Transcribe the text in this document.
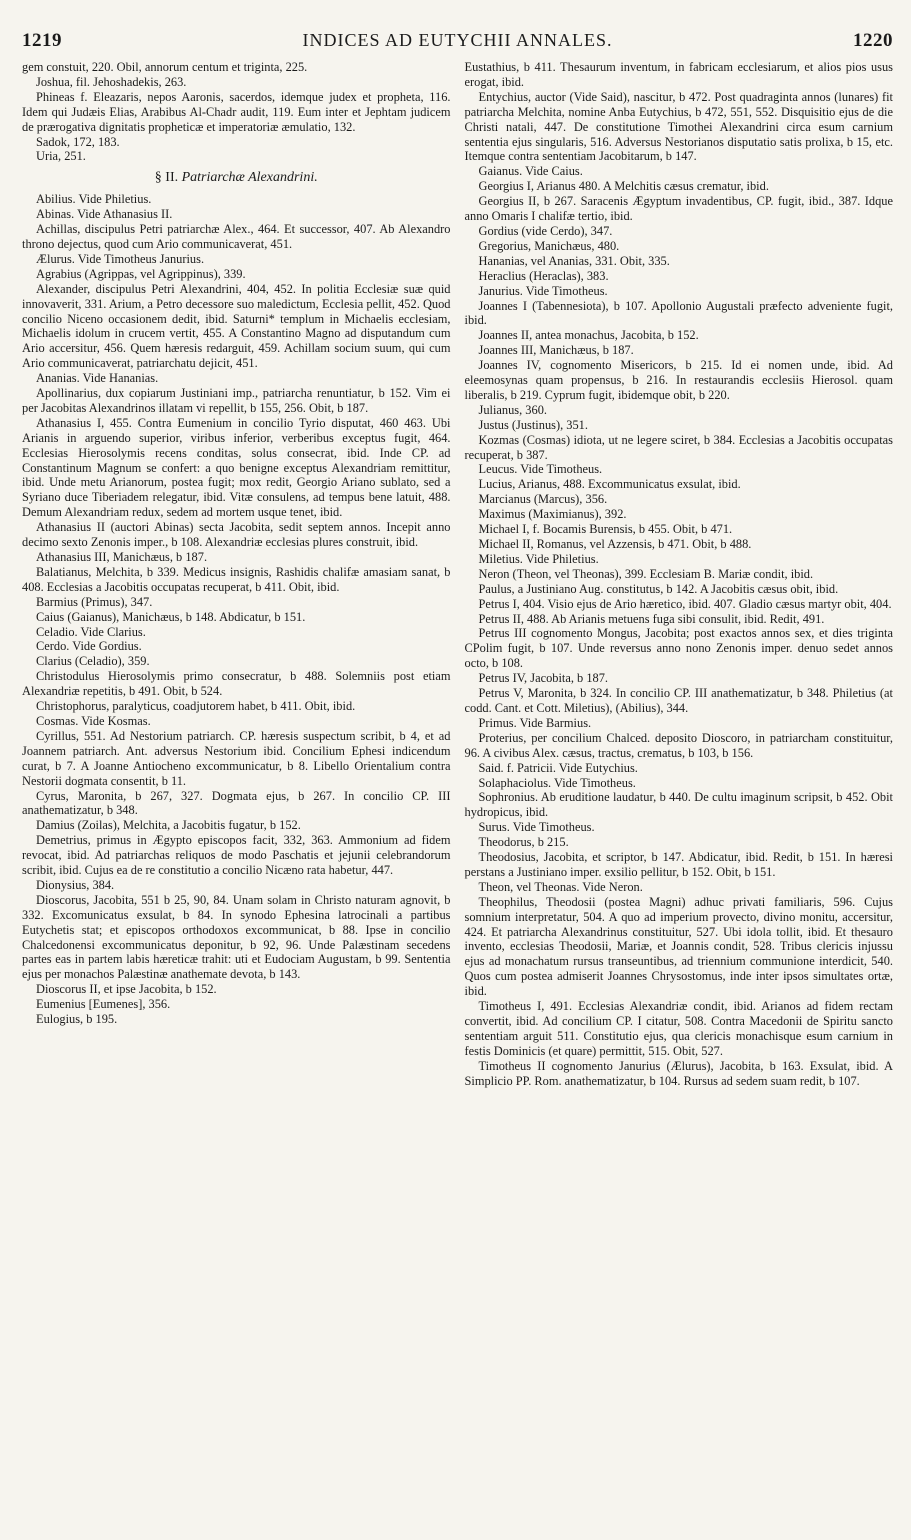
1219	INDICES AD EUTYCHII ANNALES.	1220

gem constuit, 220. Obil, annorum centum et triginta, 225.

Joshua, fil. Jehoshadekis, 263.

Phineas f. Eleazaris, nepos Aaronis, sacerdos, idemque judex et propheta, 116. Idem qui Judæis Elias, Arabibus Al-Chadr audit, 119. Eum inter et Jephtam judicem de prærogativa dignitatis propheticæ et imperatoriæ æmulatio, 132.

Sadok, 172, 183.

Uria, 251.

§ II. Patriarchæ Alexandrini.

Abilius. Vide Philetius.

Abinas. Vide Athanasius II.

Achillas, discipulus Petri patriarchæ Alex., 464. Et successor, 407. Ab Alexandro throno dejectus, quod cum Ario communicaverat, 451.

Ælurus. Vide Timotheus Janurius.

Agrabius (Agrippas, vel Agrippinus), 339.

Alexander, discipulus Petri Alexandrini, 404, 452. In politia Ecclesiæ suæ quid innovaverit, 331. Arium, a Petro decessore suo maledictum, Ecclesia pellit, 452. Quod concilio Niceno occasionem dedit, ibid. Saturni* templum in Michaelis ecclesiam, Michaelis idolum in crucem vertit, 455. A Constantino Magno ad disputandum cum Ario accersitur, 456. Quem hæresis redarguit, 459. Achillam socium suum, qui cum Ario communicaverat, patriarchatu dejicit, 451.

Ananias. Vide Hananias.

Apollinarius, dux copiarum Justiniani imp., patriarcha renuntiatur, b 152. Vim ei per Jacobitas Alexandrinos illatam vi repellit, b 155, 256. Obit, b 187.

Athanasius I, 455. Contra Eumenium in concilio Tyrio disputat, 460 463. Ubi Arianis in arguendo superior, viribus inferior, verberibus exceptus fugit, 464. Ecclesias Hierosolymis recens conditas, solus consecrat, ibid. Inde CP. ad Constantinum Magnum se confert: a quo benigne exceptus Alexandriam remittitur, ibid. Unde metu Arianorum, postea fugit; mox redit, Georgio Ariano sublato, sed a Syriano duce Tiberiadem relegatur, ibid. Vitæ consulens, ad tempus bene latuit, 488. Demum Alexandriam redux, sedem ad mortem usque tenet, ibid.

Athanasius II (auctori Abinas) secta Jacobita, sedit septem annos. Incepit anno decimo sexto Zenonis imper., b 108. Alexandriæ ecclesias plures construit, ibid.

Athanasius III, Manichæus, b 187.

Balatianus, Melchita, b 339. Medicus insignis, Rashidis chalifæ amasiam sanat, b 408. Ecclesias a Jacobitis occupatas recuperat, b 411. Obit, ibid.

Barmius (Primus), 347.

Caius (Gaianus), Manichæus, b 148. Abdicatur, b 151.

Celadio. Vide Clarius.

Cerdo. Vide Gordius.

Clarius (Celadio), 359.

Christodulus Hierosolymis primo consecratur, b 488. Solemniis post etiam Alexandriæ repetitis, b 491. Obit, b 524.

Christophorus, paralyticus, coadjutorem habet, b 411. Obit, ibid.

Cosmas. Vide Kosmas.

Cyrillus, 551. Ad Nestorium patriarch. CP. hæresis suspectum scribit, b 4, et ad Joannem patriarch. Ant. adversus Nestorium ibid. Concilium Ephesi indicendum curat, b 7. A Joanne Antiocheno excommunicatur, b 8. Libello Orientalium contra Nestorii dogmata consentit, b 11.

Cyrus, Maronita, b 267, 327. Dogmata ejus, b 267. In concilio CP. III anathematizatur, b 348.

Damius (Zoilas), Melchita, a Jacobitis fugatur, b 152.

Demetrius, primus in Ægypto episcopos facit, 332, 363. Ammonium ad fidem revocat, ibid. Ad patriarchas reliquos de modo Paschatis et jejunii celebrandorum scribit, ibid. Cujus ea de re constitutio a concilio Nicæno rata habetur, 447.

Dionysius, 384.

Dioscorus, Jacobita, 551 b 25, 90, 84. Unam solam in Christo naturam agnovit, b 332. Excomunicatus exsulat, b 84. In synodo Ephesina latrocinali a partibus Eutychetis stat; et episcopos orthodoxos excommunicat, b 88. Ipse in concilio Chalcedonensi excommunicatus deponitur, b 92, 96. Unde Palæstinam secedens partes eas in partem labis hæreticæ trahit: uti et Eudociam Augustam, b 99. Sententia ejus per monachos Palæstinæ anathemate devota, b 143.

Dioscorus II, et ipse Jacobita, b 152.

Eumenius [Eumenes], 356.

Eulogius, b 195.

Eustathius, b 411. Thesaurum inventum, in fabricam ecclesiarum, et alios pios usus erogat, ibid.

Entychius, auctor (Vide Said), nascitur, b 472. Post quadraginta annos (lunares) fit patriarcha Melchita, nomine Anba Eutychius, b 472, 551, 552. Disquisitio ejus de die Christi natali, 447. De constitutione Timothei Alexandrini circa esum carnium sententia ejus singularis, 516. Adversus Nestorianos disputatio satis prolixa, b 15, etc. Itemque contra sententiam Jacobitarum, b 147.

Gaianus. Vide Caius.

Georgius I, Arianus 480. A Melchitis cæsus crematur, ibid.

Georgius II, b 267. Saracenis Ægyptum invadentibus, CP. fugit, ibid., 387. Idque anno Omaris I chalifæ tertio, ibid.

Gordius (vide Cerdo), 347.

Gregorius, Manichæus, 480.

Hananias, vel Ananias, 331. Obit, 335.

Heraclius (Heraclas), 383.

Janurius. Vide Timotheus.

Joannes I (Tabennesiota), b 107. Apollonio Augustali præfecto adveniente fugit, ibid.

Joannes II, antea monachus, Jacobita, b 152.

Joannes III, Manichæus, b 187.

Joannes IV, cognomento Misericors, b 215. Id ei nomen unde, ibid. Ad eleemosynas quam propensus, b 216. In restaurandis ecclesiis Hierosol. quam liberalis, b 219. Cyprum fugit, ibidemque obit, b 220.

Julianus, 360.

Justus (Justinus), 351.

Kozmas (Cosmas) idiota, ut ne legere sciret, b 384. Ecclesias a Jacobitis occupatas recuperat, b 387.

Leucus. Vide Timotheus.

Lucius, Arianus, 488. Excommunicatus exsulat, ibid.

Marcianus (Marcus), 356.

Maximus (Maximianus), 392.

Michael I, f. Bocamis Burensis, b 455. Obit, b 471.

Michael II, Romanus, vel Azzensis, b 471. Obit, b 488.

Miletius. Vide Philetius.

Neron (Theon, vel Theonas), 399. Ecclesiam B. Mariæ condit, ibid.

Paulus, a Justiniano Aug. constitutus, b 142. A Jacobitis cæsus obit, ibid.

Petrus I, 404. Visio ejus de Ario hæretico, ibid. 407. Gladio cæsus martyr obit, 404.

Petrus II, 488. Ab Arianis metuens fuga sibi consulit, ibid. Redit, 491.

Petrus III cognomento Mongus, Jacobita; post exactos annos sex, et dies triginta CPolim fugit, b 107. Unde reversus anno nono Zenonis imper. denuo sedet annos octo, b 108.

Petrus IV, Jacobita, b 187.

Petrus V, Maronita, b 324. In concilio CP. III anathematizatur, b 348. Philetius (at codd. Cant. et Cott. Miletius), (Abilius), 344.

Primus. Vide Barmius.

Proterius, per concilium Chalced. deposito Dioscoro, in patriarcham constituitur, 96. A civibus Alex. cæsus, tractus, crematus, b 103, b 156.

Said. f. Patricii. Vide Eutychius.

Solaphaciolus. Vide Timotheus.

Sophronius. Ab eruditione laudatur, b 440. De cultu imaginum scripsit, b 452. Obit hydropicus, ibid.

Surus. Vide Timotheus.

Theodorus, b 215.

Theodosius, Jacobita, et scriptor, b 147. Abdicatur, ibid. Redit, b 151. In hæresi perstans a Justiniano imper. exsilio pellitur, b 152. Obit, b 151.

Theon, vel Theonas. Vide Neron.

Theophilus, Theodosii (postea Magni) adhuc privati familiaris, 596. Cujus somnium interpretatur, 504. A quo ad imperium provecto, divino monitu, accersitur, 424. Et patriarcha Alexandrinus constituitur, 527. Ubi idola tollit, ibid. Et thesauro invento, ecclesias Theodosii, Mariæ, et Joannis condit, 528. Tribus clericis injussu ejus ad monachatum rursus transeuntibus, ad triennium communione interdicit, 540. Quos cum postea admiserit Joannes Chrysostomus, inde inter ipsos simultates ortæ, ibid.

Timotheus I, 491. Ecclesias Alexandriæ condit, ibid. Arianos ad fidem rectam convertit, ibid. Ad concilium CP. I citatur, 508. Contra Macedonii de Spiritu sancto sententiam arguit 511. Constitutio ejus, qua clericis monachisque esum carnium in festis Dominicis (et quare) permittit, 515. Obit, 527.

Timotheus II cognomento Janurius (Ælurus), Jacobita, b 163. Exsulat, ibid. A Simplicio PP. Rom. anathematizatur, b 104. Rursus ad sedem suam redit, b 107.
